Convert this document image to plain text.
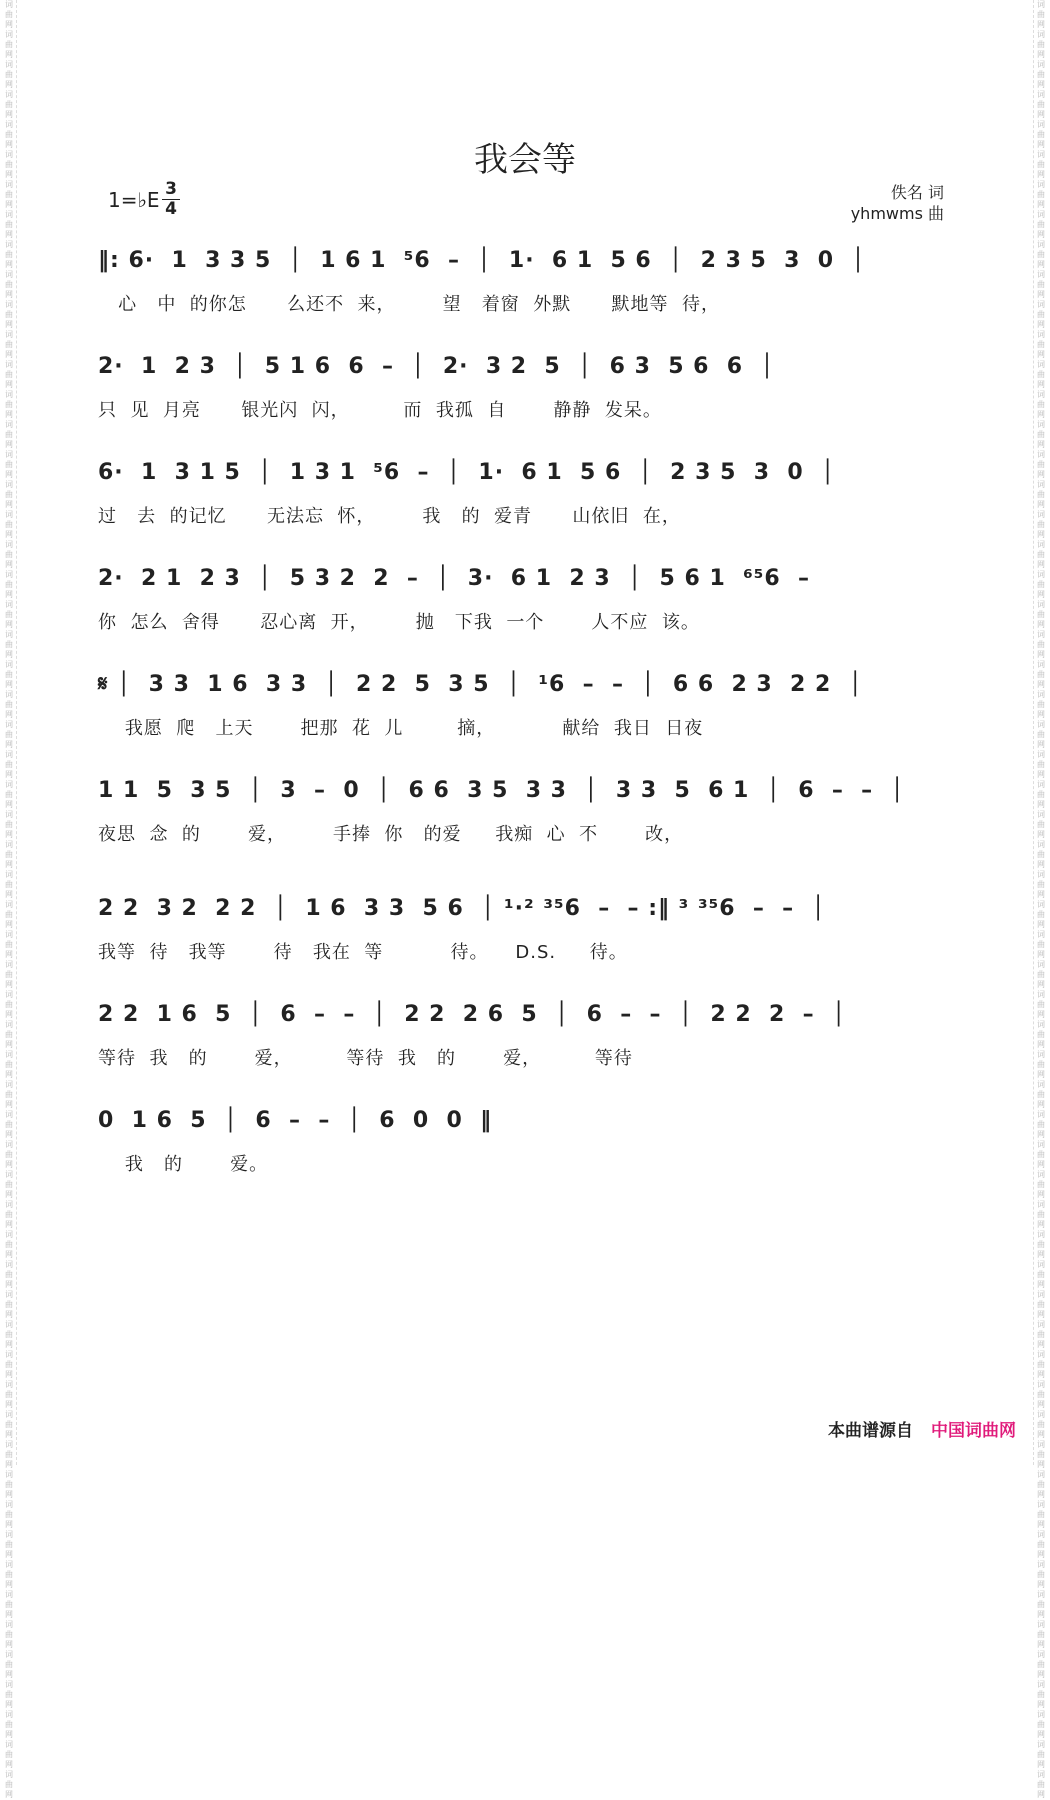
词曲网词曲网词曲网词曲网词曲网词曲网词曲网词曲网词曲网词曲网词曲网词曲网词曲网词曲网词曲网词曲网词曲网词曲网词曲网词曲网词曲网词曲网词曲网词曲网词曲网词曲网词曲网词曲网词曲网词曲网词曲网词曲网词曲网词曲网词曲网词曲网词曲网词曲网词曲网词曲网词曲网词曲网词曲网词曲网词曲网词曲网词曲网词曲网词曲网词曲网词曲网词曲网词曲网词曲网词曲网词曲网词曲网词曲网词曲网词曲网
词曲网词曲网词曲网词曲网词曲网词曲网词曲网词曲网词曲网词曲网词曲网词曲网词曲网词曲网词曲网词曲网词曲网词曲网词曲网词曲网词曲网词曲网词曲网词曲网词曲网词曲网词曲网词曲网词曲网词曲网词曲网词曲网词曲网词曲网词曲网词曲网词曲网词曲网词曲网词曲网词曲网词曲网词曲网词曲网词曲网词曲网词曲网词曲网词曲网词曲网词曲网词曲网词曲网词曲网词曲网词曲网词曲网词曲网词曲网词曲网
我会等
1=♭E 3
4
佚名 词
yhmwms 曲
‖: 6·  1  3 3 5  │  1 6 1  ⁵6  –  │  1·  6 1  5 6  │  2 3 5  3  0  │
心   中  的你怎      么还不  来，       望   着窗  外默      默地等  待，
2·  1  2 3  │  5 1 6  6  –  │  2·  3 2  5  │  6 3  5 6  6  │
只  见  月亮      银光闪  闪，        而  我孤  自       静静  发呆。
6·  1  3 1 5  │  1 3 1  ⁵6  –  │  1·  6 1  5 6  │  2 3 5  3  0  │
过   去  的记忆      无法忘  怀，       我   的  爱青      山依旧  在，
2·  2 1  2 3  │  5 3 2  2  –  │  3·  6 1  2 3  │  5 6 1  ⁶⁵6  –
你  怎么  舍得      忍心离  开，       抛   下我  一个       人不应  该。
𝄋 │  3 3  1 6  3 3  │  2 2  5  3 5  │  ¹6  –  –  │  6 6  2 3  2 2  │
我愿  爬   上天       把那  花  儿        摘，          献给  我日  日夜
1 1  5  3 5  │  3  –  0  │  6 6  3 5  3 3  │  3 3  5  6 1  │  6  –  –  │
夜思  念  的       爱，       手捧  你   的爱     我痴  心  不       改，
2 2  3 2  2 2  │  1 6  3 3  5 6  │ ¹·² ³⁵6  –  – :‖ ³ ³⁵6  –  –  │
我等  待   我等       待   我在  等          待。    D.S.     待。
2 2  1 6  5  │  6  –  –  │  2 2  2 6  5  │  6  –  –  │  2 2  2  –  │
等待  我   的       爱，        等待  我   的       爱，        等待
0  1 6  5  │  6  –  –  │  6  0  0  ‖
我   的       爱。
本曲谱源自 中国词曲网
